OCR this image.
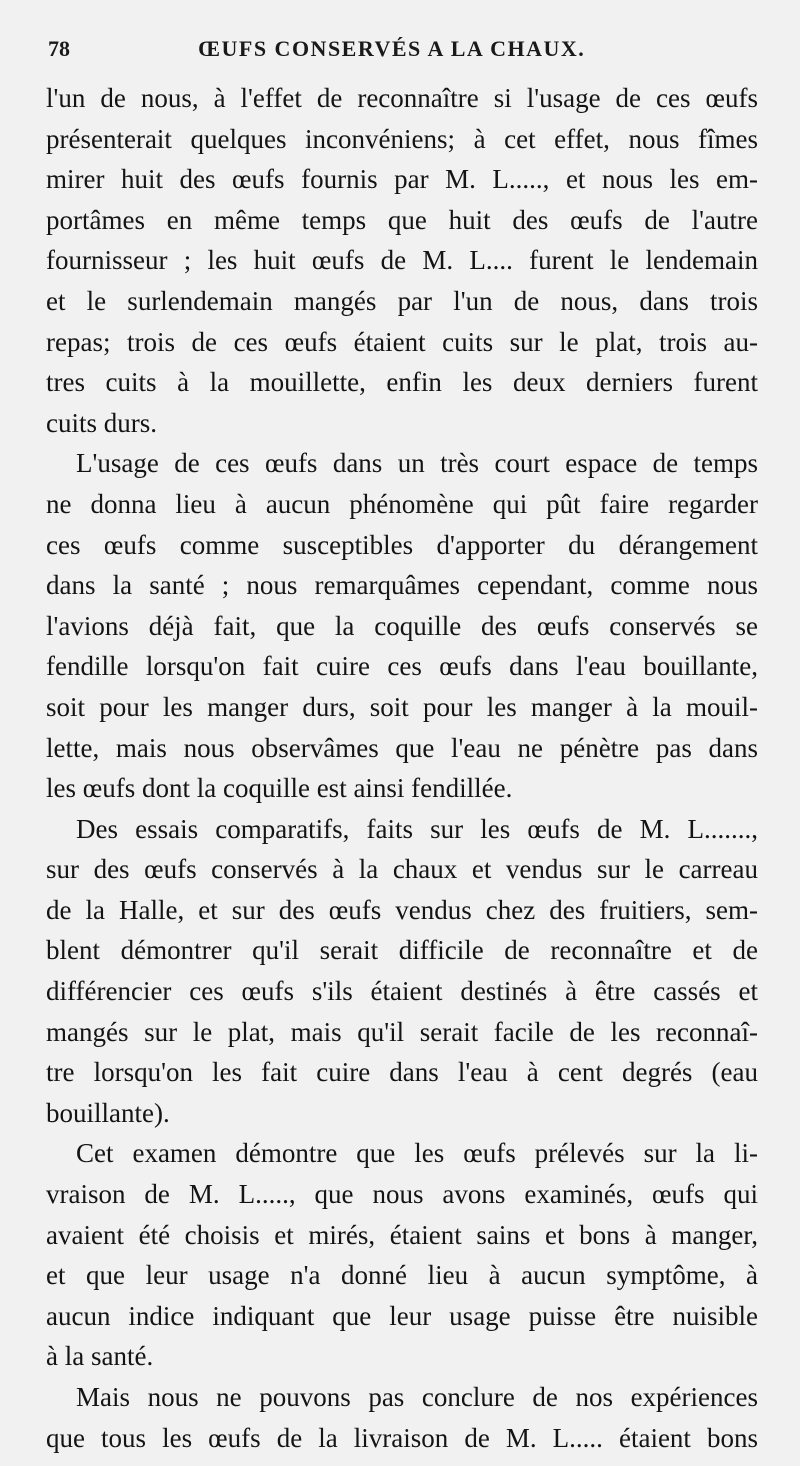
78	ŒUFS CONSERVÉS A LA CHAUX.
l'un de nous, à l'effet de reconnaître si l'usage de ces œufs
présenterait quelques inconvéniens; à cet effet, nous fîmes
mirer huit des œufs fournis par M. L....., et nous les em-
portâmes en même temps que huit des œufs de l'autre
fournisseur ; les huit œufs de M. L.... furent le lendemain
et le surlendemain mangés par l'un de nous, dans trois
repas; trois de ces œufs étaient cuits sur le plat, trois au-
tres cuits à la mouillette, enfin les deux derniers furent
cuits durs.
L'usage de ces œufs dans un très court espace de temps
ne donna lieu à aucun phénomène qui pût faire regarder
ces œufs comme susceptibles d'apporter du dérangement
dans la santé ; nous remarquâmes cependant, comme nous
l'avions déjà fait, que la coquille des œufs conservés se
fendille lorsqu'on fait cuire ces œufs dans l'eau bouillante,
soit pour les manger durs, soit pour les manger à la mouil-
lette, mais nous observâmes que l'eau ne pénètre pas dans
les œufs dont la coquille est ainsi fendillée.
Des essais comparatifs, faits sur les œufs de M. L.......,
sur des œufs conservés à la chaux et vendus sur le carreau
de la Halle, et sur des œufs vendus chez des fruitiers, sem-
blent démontrer qu'il serait difficile de reconnaître et de
différencier ces œufs s'ils étaient destinés à être cassés et
mangés sur le plat, mais qu'il serait facile de les reconnaî-
tre lorsqu'on les fait cuire dans l'eau à cent degrés (eau
bouillante).
Cet examen démontre que les œufs prélevés sur la li-
vraison de M. L....., que nous avons examinés, œufs qui
avaient été choisis et mirés, étaient sains et bons à manger,
et que leur usage n'a donné lieu à aucun symptôme, à
aucun indice indiquant que leur usage puisse être nuisible
à la santé.
Mais nous ne pouvons pas conclure de nos expériences
que tous les œufs de la livraison de M. L..... étaient bons
